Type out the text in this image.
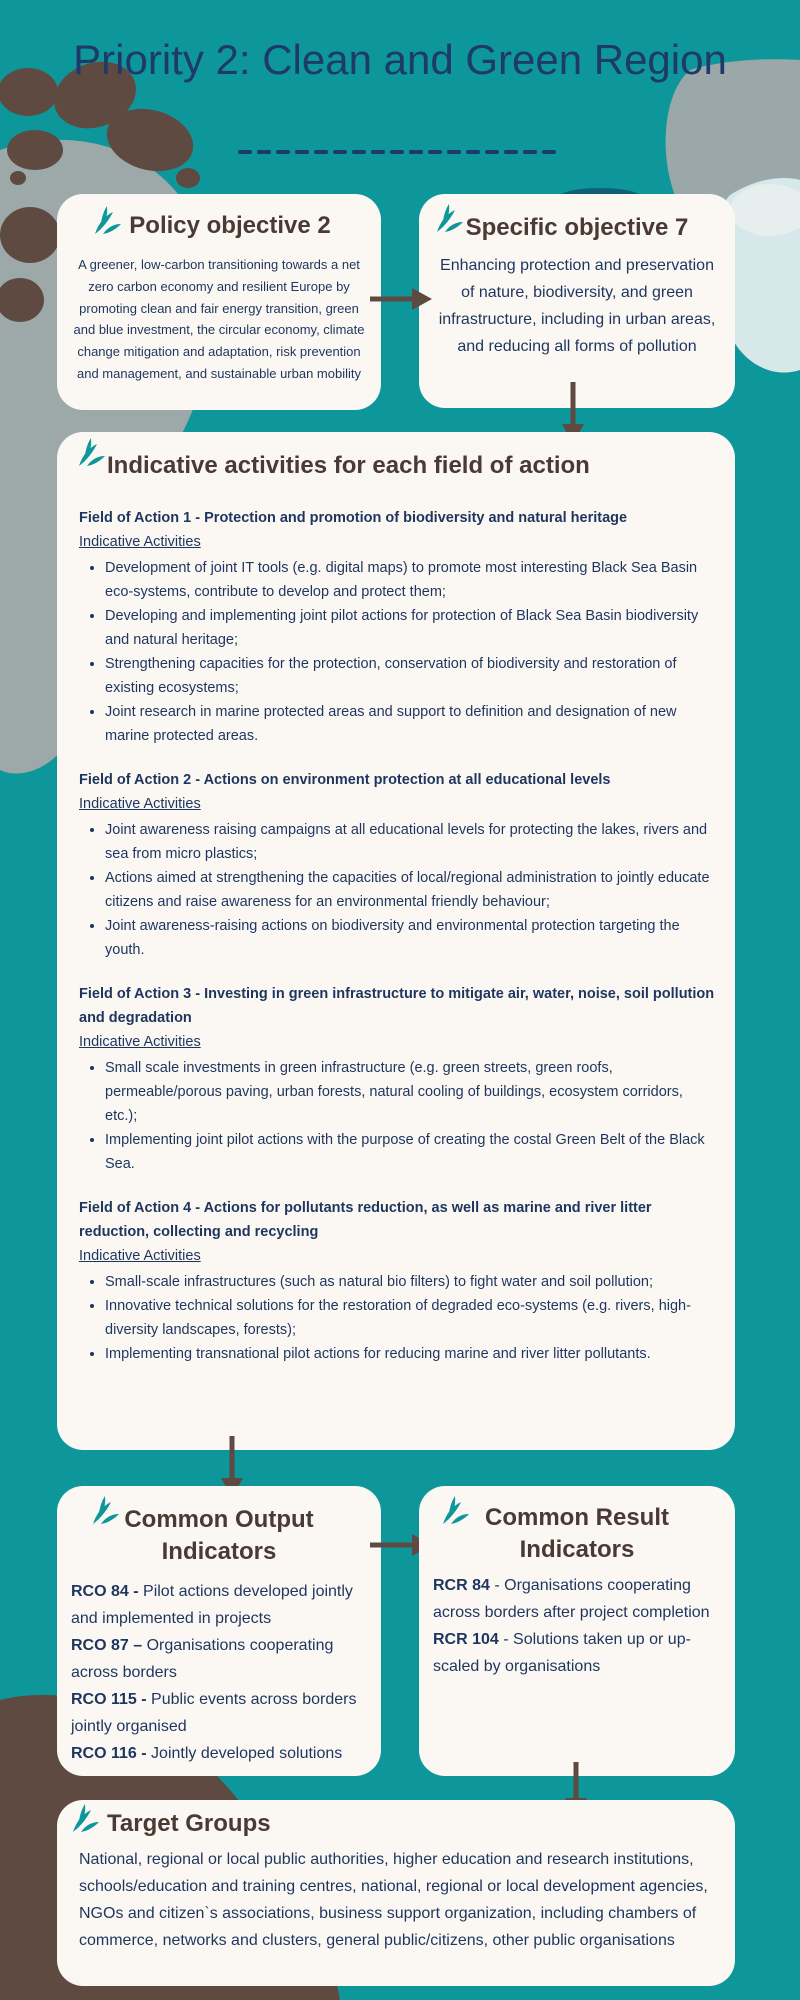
Priority 2: Clean and Green Region
Policy objective 2

A greener, low-carbon transitioning towards a net zero carbon economy and resilient Europe by promoting clean and fair energy transition, green and blue investment, the circular economy, climate change mitigation and adaptation, risk prevention and management, and sustainable urban mobility

Specific objective 7

Enhancing protection and preservation of nature, biodiversity, and green infrastructure, including in urban areas, and reducing all forms of pollution

Indicative activities for each field of action
Field of Action 1 - Protection and promotion of biodiversity and natural heritage
Indicative Activities
• Development of joint IT tools (e.g. digital maps) to promote most interesting Black Sea Basin eco-systems, contribute to develop and protect them;
• Developing and implementing joint pilot actions for protection of Black Sea Basin biodiversity and natural heritage;
• Strengthening capacities for the protection, conservation of biodiversity and restoration of existing ecosystems;
• Joint research in marine protected areas and support to definition and designation of new marine protected areas.
Field of Action 2 - Actions on environment protection at all educational levels
Indicative Activities
• Joint awareness raising campaigns at all educational levels for protecting the lakes, rivers and sea from micro plastics;
• Actions aimed at strengthening the capacities of local/regional administration to jointly educate citizens and raise awareness for an environmental friendly behaviour;
• Joint awareness-raising actions on biodiversity and environmental protection targeting the youth.
Field of Action 3 - Investing in green infrastructure to mitigate air, water, noise, soil pollution and degradation
Indicative Activities
• Small scale investments in green infrastructure (e.g. green streets, green roofs, permeable/porous paving, urban forests, natural cooling of buildings, ecosystem corridors, etc.);
• Implementing joint pilot actions with the purpose of creating the costal Green Belt of the Black Sea.
Field of Action 4 - Actions for pollutants reduction, as well as marine and river litter reduction, collecting and recycling
Indicative Activities
• Small-scale infrastructures (such as natural bio filters) to fight water and soil pollution;
• Innovative technical solutions for the restoration of degraded eco-systems (e.g. rivers, high-diversity landscapes, forests);
• Implementing transnational pilot actions for reducing marine and river litter pollutants.
Common Output Indicators

RCO 84 - Pilot actions developed jointly and implemented in projects

RCO 87 – Organisations cooperating across borders

RCO 115 - Public events across borders jointly organised

RCO 116 - Jointly developed solutions

Common Result Indicators

RCR 84 - Organisations cooperating across borders after project completion

RCR 104 - Solutions taken up or up-scaled by organisations

Target Groups

National, regional or local public authorities, higher education and research institutions, schools/education and training centres, national, regional or local development agencies, NGOs and citizen`s associations, business support organization, including chambers of commerce, networks and clusters, general public/citizens, other public organisations
